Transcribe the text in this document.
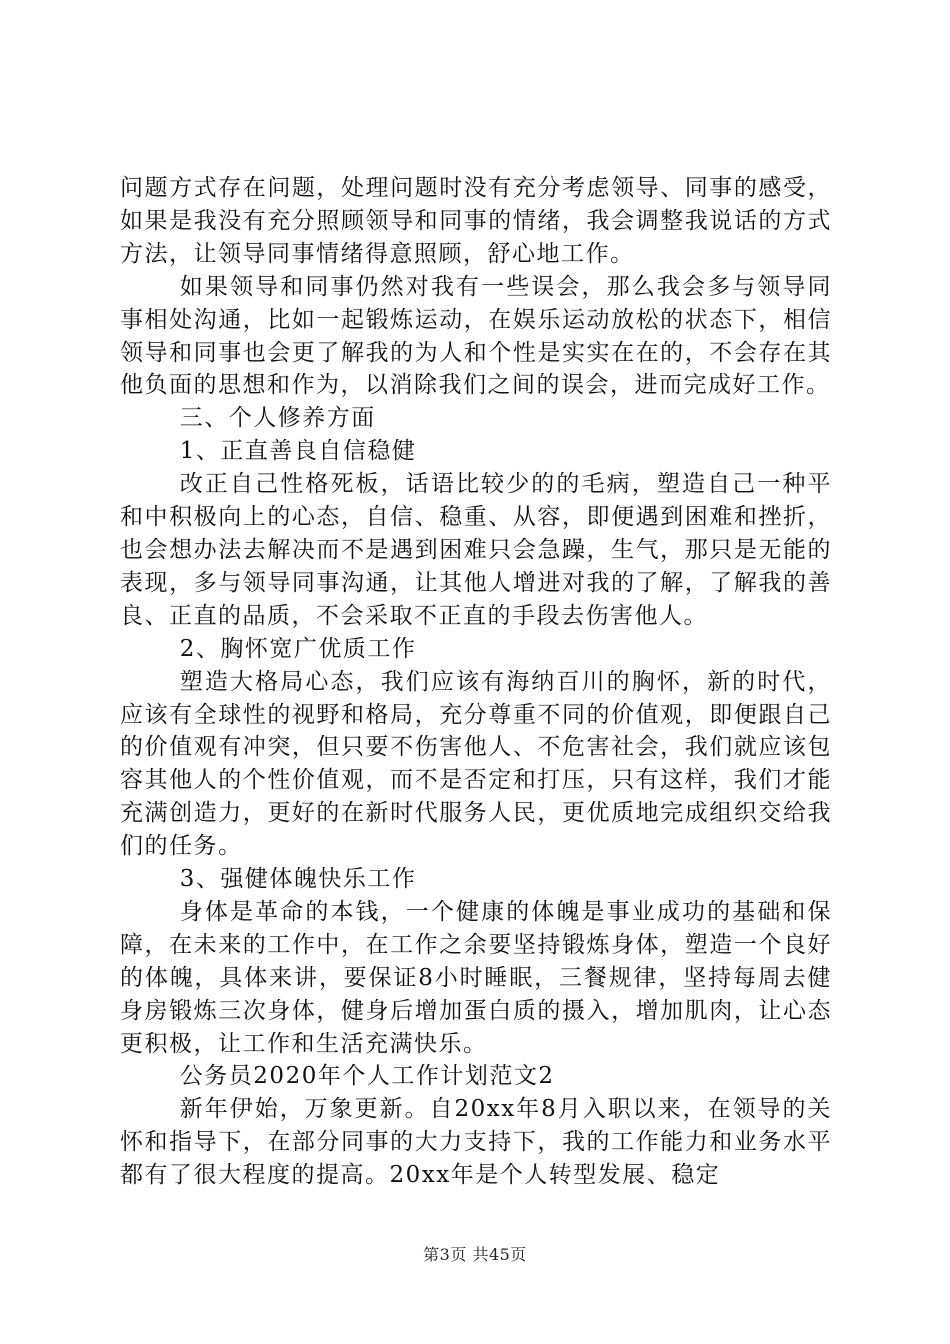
问题方式存在问题，处理问题时没有充分考虑领导、同事的感受，如果是我没有充分照顾领导和同事的情绪，我会调整我说话的方式方法，让领导同事情绪得意照顾，舒心地工作。

如果领导和同事仍然对我有一些误会，那么我会多与领导同事相处沟通，比如一起锻炼运动，在娱乐运动放松的状态下，相信领导和同事也会更了解我的为人和个性是实实在在的，不会存在其他负面的思想和作为，以消除我们之间的误会，进而完成好工作。

三、个人修养方面

1、正直善良自信稳健

改正自己性格死板，话语比较少的的毛病，塑造自己一种平和中积极向上的心态，自信、稳重、从容，即便遇到困难和挫折，也会想办法去解决而不是遇到困难只会急躁，生气，那只是无能的表现，多与领导同事沟通，让其他人增进对我的了解，了解我的善良、正直的品质，不会采取不正直的手段去伤害他人。

2、胸怀宽广优质工作

塑造大格局心态，我们应该有海纳百川的胸怀，新的时代，应该有全球性的视野和格局，充分尊重不同的价值观，即便跟自己的价值观有冲突，但只要不伤害他人、不危害社会，我们就应该包容其他人的个性价值观，而不是否定和打压，只有这样，我们才能充满创造力，更好的在新时代服务人民，更优质地完成组织交给我们的任务。

3、强健体魄快乐工作

身体是革命的本钱，一个健康的体魄是事业成功的基础和保障，在未来的工作中，在工作之余要坚持锻炼身体，塑造一个良好的体魄，具体来讲，要保证8小时睡眠，三餐规律，坚持每周去健身房锻炼三次身体，健身后增加蛋白质的摄入，增加肌肉，让心态更积极，让工作和生活充满快乐。

公务员2020年个人工作计划范文2

新年伊始，万象更新。自20xx年8月入职以来，在领导的关怀和指导下，在部分同事的大力支持下，我的工作能力和业务水平都有了很大程度的提高。20xx年是个人转型发展、稳定

第3页 共45页
